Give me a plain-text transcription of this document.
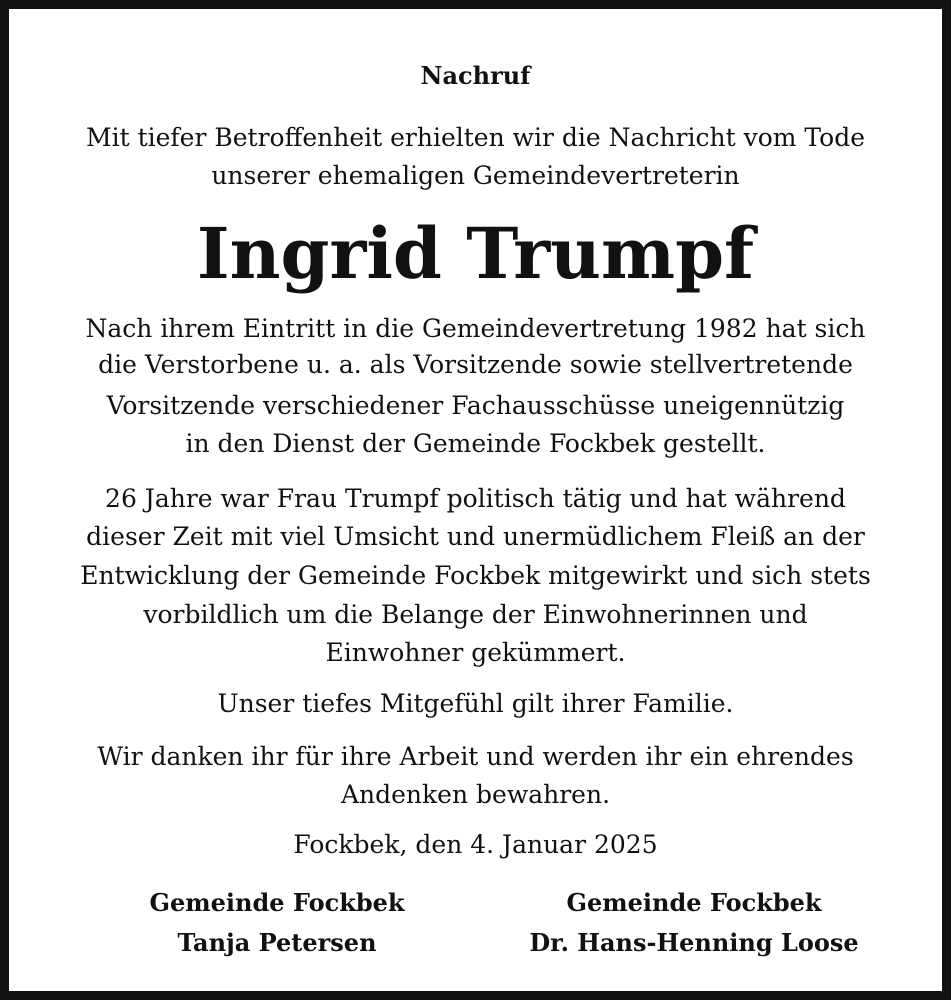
Nachruf
Mit tiefer Betroffenheit erhielten wir die Nachricht vom Tode
unserer ehemaligen Gemeindevertreterin
Ingrid Trumpf
Nach ihrem Eintritt in die Gemeindevertretung 1982 hat sich
die Verstorbene u. a. als Vorsitzende sowie stellvertretende
Vorsitzende verschiedener Fachausschüsse uneigennützig
in den Dienst der Gemeinde Fockbek gestellt.
26 Jahre war Frau Trumpf politisch tätig und hat während
dieser Zeit mit viel Umsicht und unermüdlichem Fleiß an der
Entwicklung der Gemeinde Fockbek mitgewirkt und sich stets
vorbildlich um die Belange der Einwohnerinnen und
Einwohner gekümmert.
Unser tiefes Mitgefühl gilt ihrer Familie.
Wir danken ihr für ihre Arbeit und werden ihr ein ehrendes
Andenken bewahren.
Fockbek, den 4. Januar 2025
Gemeinde Fockbek
Tanja Petersen
Gemeinde Fockbek
Dr. Hans-Henning Loose
